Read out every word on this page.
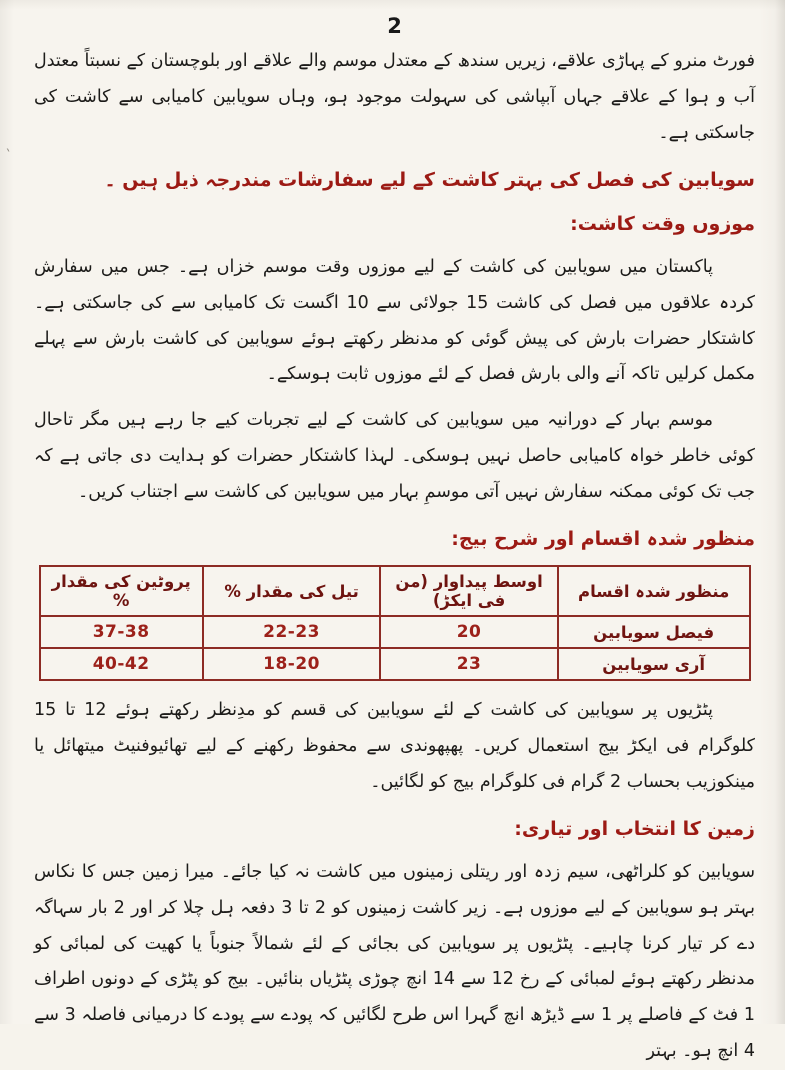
2

فورٹ منرو کے پہاڑی علاقے، زیریں سندھ کے معتدل موسم والے علاقے اور بلوچستان کے نسبتاً معتدل آب و ہوا کے علاقے جہاں آبپاشی کی سہولت موجود ہو، وہاں سویابین کامیابی سے کاشت کی جاسکتی ہے۔

سویابین کی فصل کی بہتر کاشت کے لیے سفارشات مندرجہ ذیل ہیں ۔
موزوں وقت کاشت:

پاکستان میں سویابین کی کاشت کے لیے موزوں وقت موسم خزاں ہے۔ جس میں سفارش کردہ علاقوں میں فصل کی کاشت 15 جولائی سے 10 اگست تک کامیابی سے کی جاسکتی ہے۔ کاشتکار حضرات بارش کی پیش گوئی کو مدنظر رکھتے ہوئے سویابین کی کاشت بارش سے پہلے مکمل کرلیں تاکہ آنے والی بارش فصل کے لئے موزوں ثابت ہوسکے۔

موسم بہار کے دورانیہ میں سویابین کی کاشت کے لیے تجربات کیے جا رہے ہیں مگر تاحال کوئی خاطر خواہ کامیابی حاصل نہیں ہوسکی۔ لہذا کاشتکار حضرات کو ہدایت دی جاتی ہے کہ جب تک کوئی ممکنہ سفارش نہیں آتی موسمِ بہار میں سویابین کی کاشت سے اجتناب کریں۔

منظور شدہ اقسام اور شرح بیج:
منظور شدہ اقسام	اوسط پیداوار (من فی ایکڑ)	تیل کی مقدار %	پروٹین کی مقدار %
فیصل سویابین	20	22-23	37-38
آری سویابین	23	18-20	40-42

پٹڑیوں پر سویابین کی کاشت کے لئے سویابین کی قسم کو مدِنظر رکھتے ہوئے 12 تا 15 کلوگرام فی ایکڑ بیج استعمال کریں۔ پھپھوندی سے محفوظ رکھنے کے لیے تھائیوفنیٹ میتھائل یا مینکوزیب بحساب 2 گرام فی کلوگرام بیج کو لگائیں۔

زمین کا انتخاب اور تیاری:

سویابین کو کلراٹھی، سیم زدہ اور ریتلی زمینوں میں کاشت نہ کیا جائے۔ میرا زمین جس کا نکاس بہتر ہو سویابین کے لیے موزوں ہے۔ زیر کاشت زمینوں کو 2 تا 3 دفعہ ہل چلا کر اور 2 بار سہاگہ دے کر تیار کرنا چاہیے۔ پٹڑیوں پر سویابین کی بجائی کے لئے شمالاً جنوباً یا کھیت کی لمبائی کو مدنظر رکھتے ہوئے لمبائی کے رخ 12 سے 14 انچ چوڑی پٹڑیاں بنائیں۔ بیج کو پٹڑی کے دونوں اطراف 1 فٹ کے فاصلے پر 1 سے ڈیڑھ انچ گہرا اس طرح لگائیں کہ پودے سے پودے کا درمیانی فاصلہ 3 سے 4 انچ ہو۔ بہتر

`
